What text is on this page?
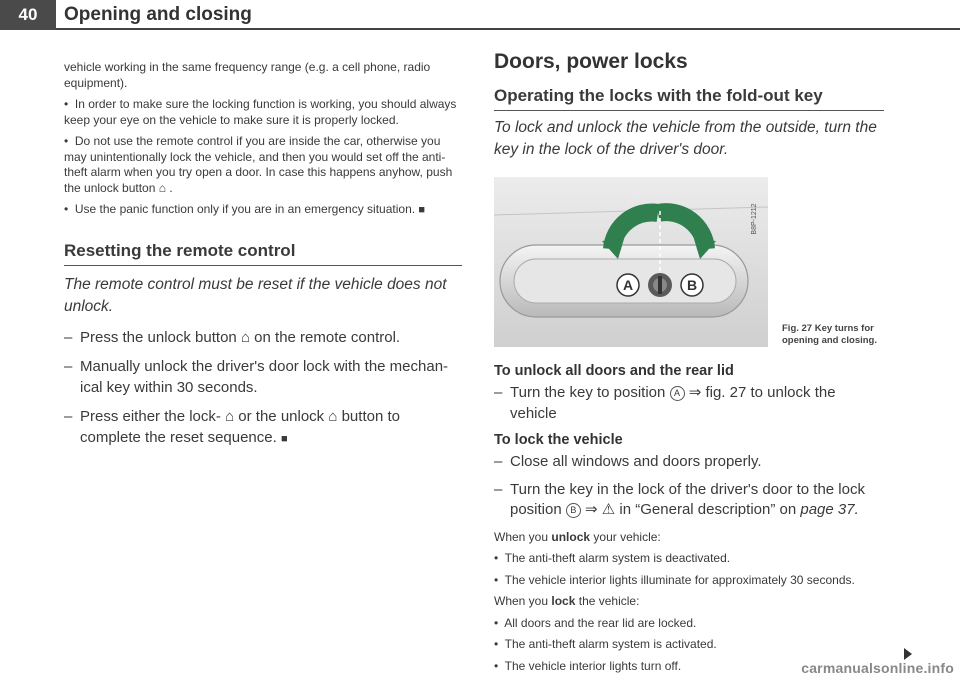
40	Opening and closing

vehicle working in the same frequency range (e.g. a cell phone, radio equipment).

• In order to make sure the locking function is working, you should always keep your eye on the vehicle to make sure it is properly locked.

• Do not use the remote control if you are inside the car, otherwise you may unintentionally lock the vehicle, and then you would set off the anti-theft alarm when you try open a door. In case this happens anyhow, push the unlock button ⌂ .

• Use the panic function only if you are in an emergency situation. ■

Resetting the remote control

The remote control must be reset if the vehicle does not unlock.

– Press the unlock button ⌂ on the remote control.
– Manually unlock the driver's door lock with the mechan-ical key within 30 seconds.
– Press either the lock- ⌂ or the unlock ⌂ button to complete the reset sequence. ■

Doors, power locks

Operating the locks with the fold-out key

To lock and unlock the vehicle from the outside, turn the key in the lock of the driver's door.

A	B
B8P-1212
Fig. 27 Key turns for
opening and closing.

To unlock all doors and the rear lid

– Turn the key to position A ⇒ fig. 27 to unlock the vehicle

To lock the vehicle

– Close all windows and doors properly.
– Turn the key in the lock of the driver's door to the lock position B ⇒ ⚠ in “General description” on page 37.

When you unlock your vehicle:

• The anti-theft alarm system is deactivated.

• The vehicle interior lights illuminate for approximately 30 seconds.

When you lock the vehicle:

• All doors and the rear lid are locked.

• The anti-theft alarm system is activated.

• The vehicle interior lights turn off.	carmanualsonline.info
